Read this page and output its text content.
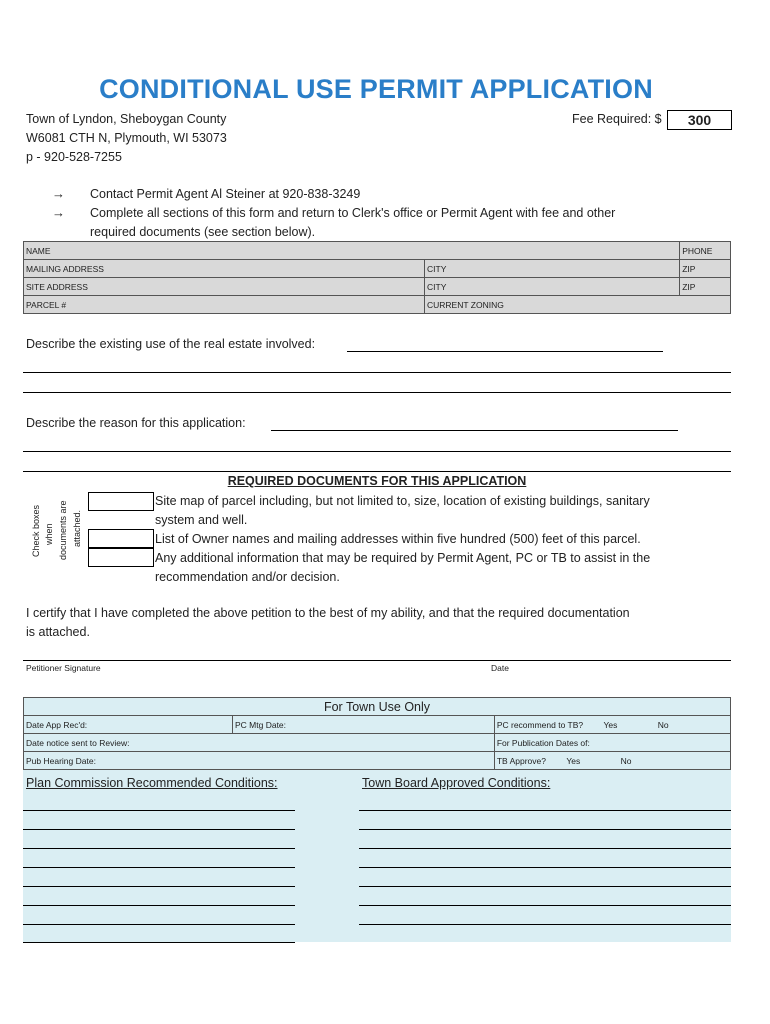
CONDITIONAL USE PERMIT APPLICATION
Town of Lyndon, Sheboygan County
W6081 CTH N, Plymouth, WI 53073
p - 920-528-7255
Fee Required: $	300
→ Contact Permit Agent Al Steiner at 920-838-3249
→ Complete all sections of this form and return to Clerk's office or Permit Agent with fee and other
required documents (see section below).
NAME		PHONE
MAILING ADDRESS	CITY	ZIP
SITE ADDRESS	CITY	ZIP
PARCEL #	CURRENT ZONING	
Describe the existing use of the real estate involved:
Describe the reason for this application:
REQUIRED DOCUMENTS FOR THIS APPLICATION
Check boxes when documents are attached.
Site map of parcel including, but not limited to, size, location of existing buildings, sanitary
system and well.
List of Owner names and mailing addresses within five hundred (500) feet of this parcel.
Any additional information that may be required by Permit Agent, PC or TB to assist in the
recommendation and/or decision.
I certify that I have completed the above petition to the best of my ability, and that the required documentation
is attached.
Petitioner Signature	Date
For Town Use Only		
Date App Rec'd:	PC Mtg Date:	PC recommend to TB? Yes No
Date notice sent to Review:		For Publication Dates of:
Pub Hearing Date:		TB Approve? Yes No
Plan Commission Recommended Conditions:	Town Board Approved Conditions:
